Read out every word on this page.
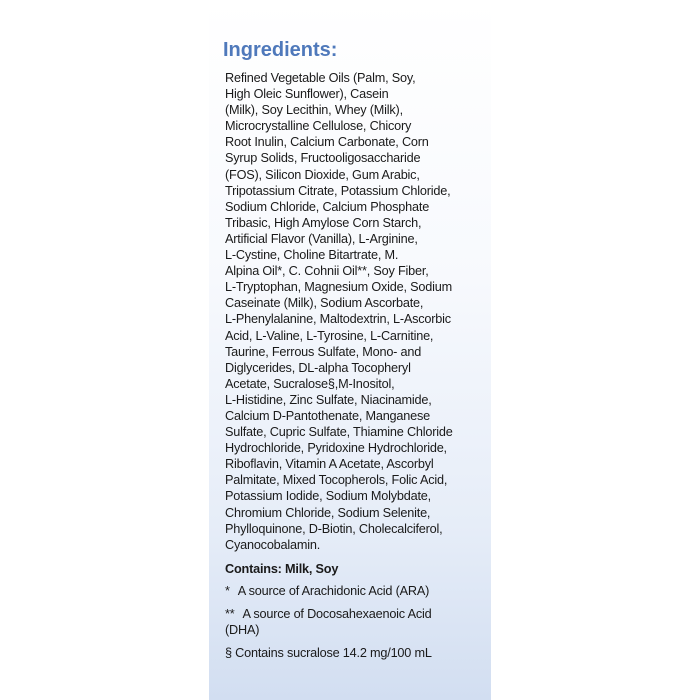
Ingredients:

Refined Vegetable Oils (Palm, Soy,
High Oleic Sunflower), Casein
(Milk), Soy Lecithin, Whey (Milk),
Microcrystalline Cellulose, Chicory
Root Inulin, Calcium Carbonate, Corn
Syrup Solids, Fructooligosaccharide
(FOS), Silicon Dioxide, Gum Arabic,
Tripotassium Citrate, Potassium Chloride,
Sodium Chloride, Calcium Phosphate
Tribasic, High Amylose Corn Starch,
Artificial Flavor (Vanilla), L-Arginine,
L-Cystine, Choline Bitartrate, M.
Alpina Oil*, C. Cohnii Oil**, Soy Fiber,
L-Tryptophan, Magnesium Oxide, Sodium
Caseinate (Milk), Sodium Ascorbate,
L-Phenylalanine, Maltodextrin, L-Ascorbic
Acid, L-Valine, L-Tyrosine, L-Carnitine,
Taurine, Ferrous Sulfate, Mono- and
Diglycerides, DL-alpha Tocopheryl
Acetate, Sucralose§,M-Inositol,
L-Histidine, Zinc Sulfate, Niacinamide,
Calcium D-Pantothenate, Manganese
Sulfate, Cupric Sulfate, Thiamine Chloride
Hydrochloride, Pyridoxine Hydrochloride,
Riboflavin, Vitamin A Acetate, Ascorbyl
Palmitate, Mixed Tocopherols, Folic Acid,
Potassium Iodide, Sodium Molybdate,
Chromium Chloride, Sodium Selenite,
Phylloquinone, D-Biotin, Cholecalciferol,
Cyanocobalamin.

Contains: Milk, Soy
* A source of Arachidonic Acid (ARA)
** A source of Docosahexaenoic Acid
(DHA)
§ Contains sucralose 14.2 mg/100 mL
